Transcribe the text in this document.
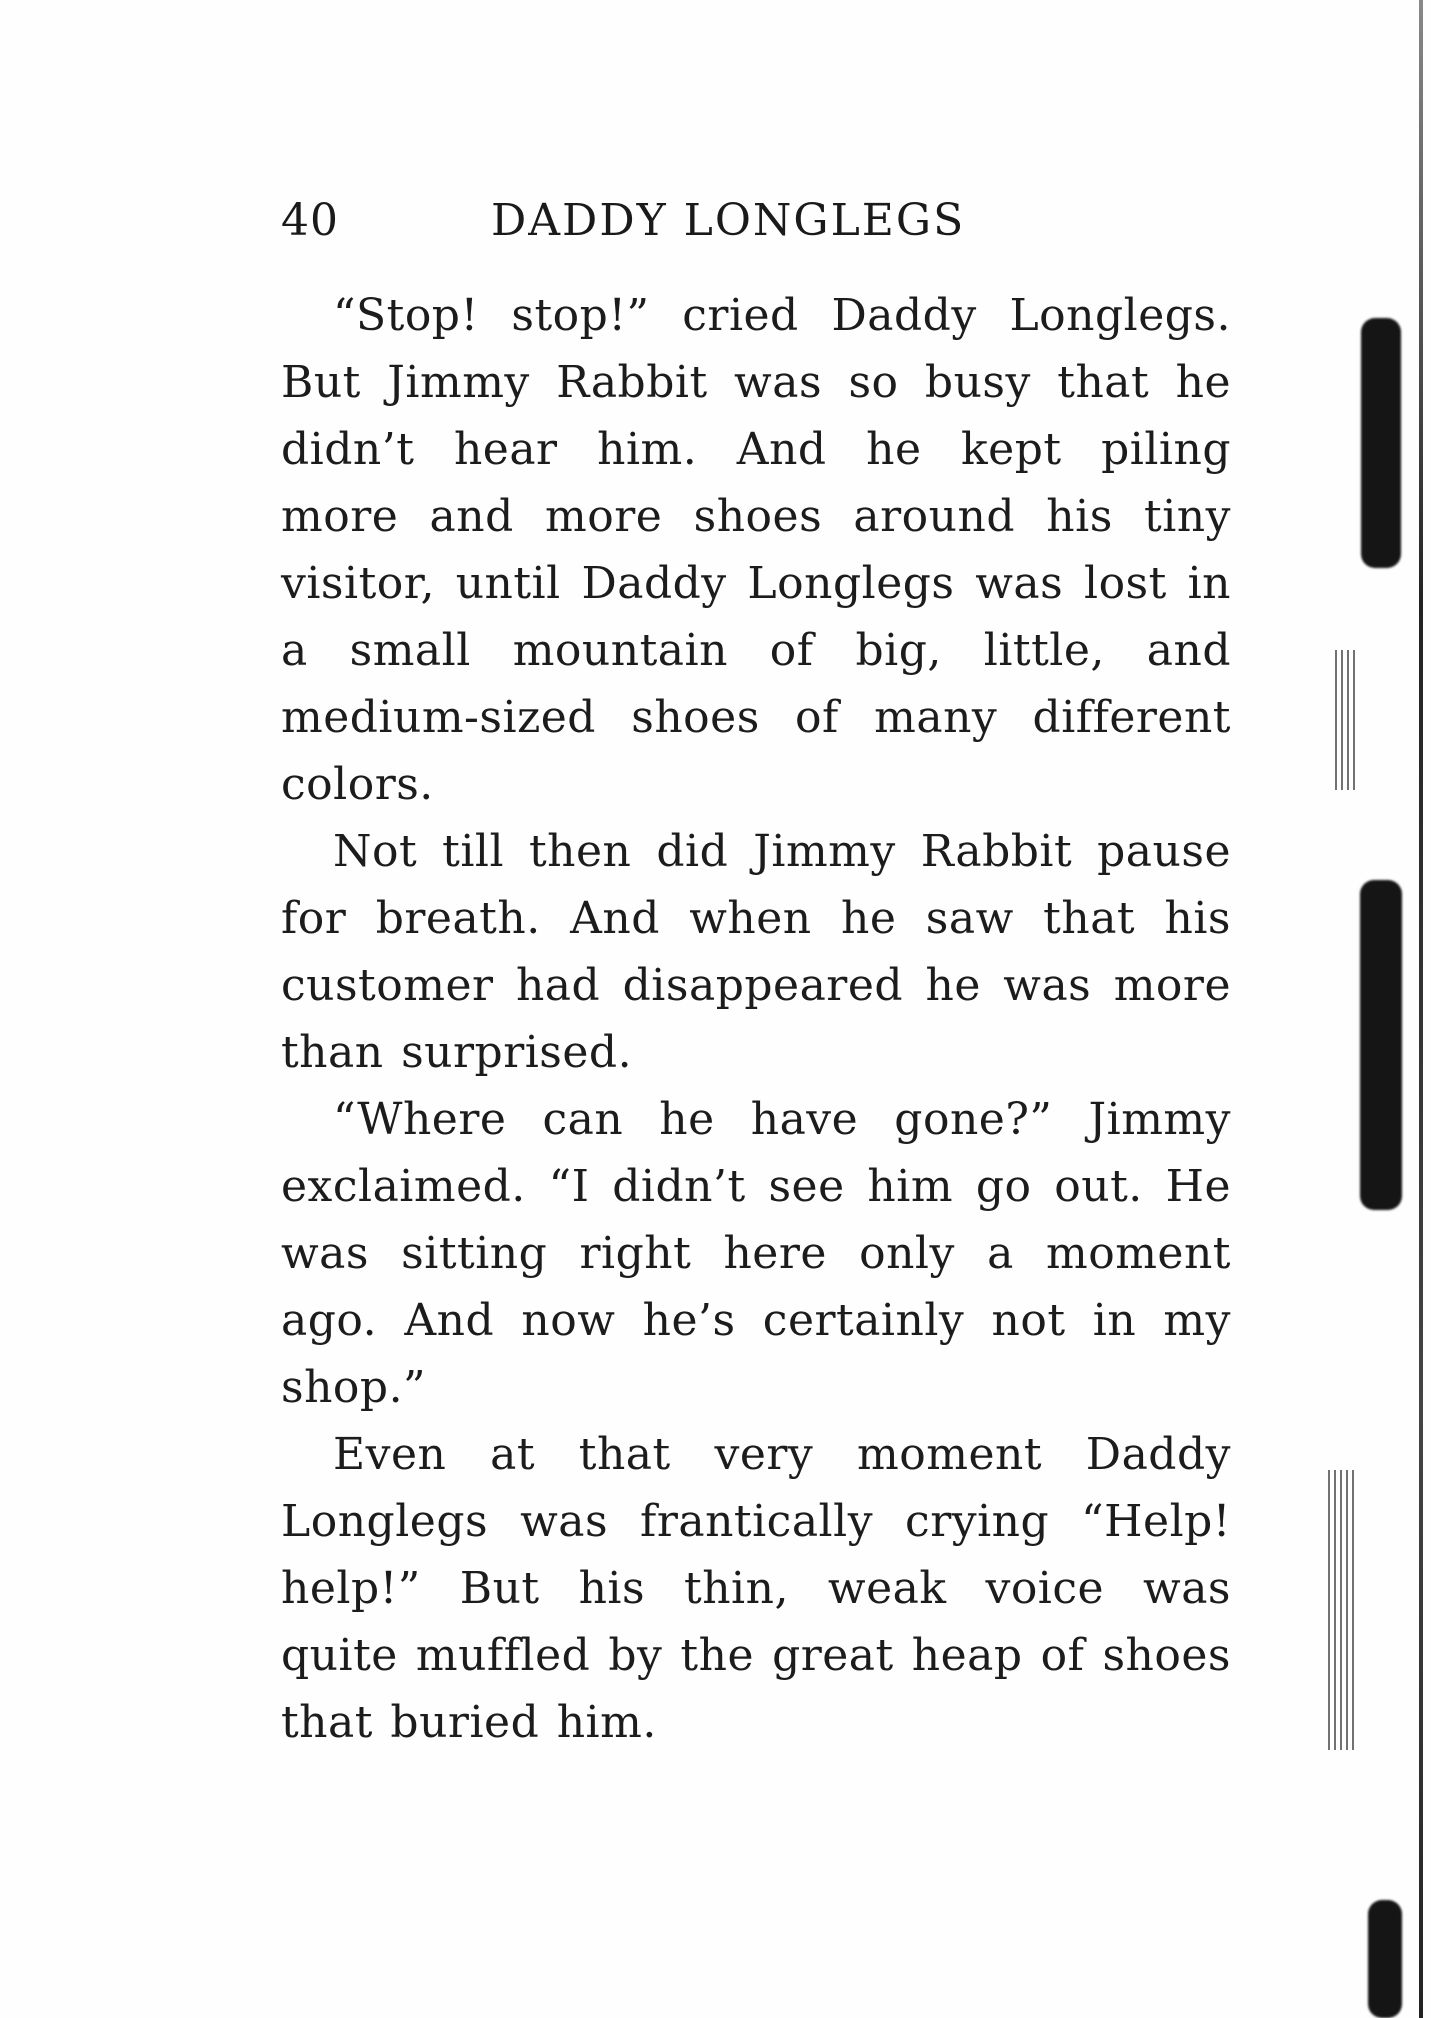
40	DADDY LONGLEGS

“Stop! stop!” cried Daddy Longlegs. But Jimmy Rabbit was so busy that he didn’t hear him. And he kept piling more and more shoes around his tiny visitor, until Daddy Longlegs was lost in a small mountain of big, little, and medium-sized shoes of many different colors.

Not till then did Jimmy Rabbit pause for breath. And when he saw that his customer had disappeared he was more than surprised.

“Where can he have gone?” Jimmy exclaimed. “I didn’t see him go out. He was sitting right here only a moment ago. And now he’s certainly not in my shop.”

Even at that very moment Daddy Longlegs was frantically crying “Help! help!” But his thin, weak voice was quite muffled by the great heap of shoes that buried him.
